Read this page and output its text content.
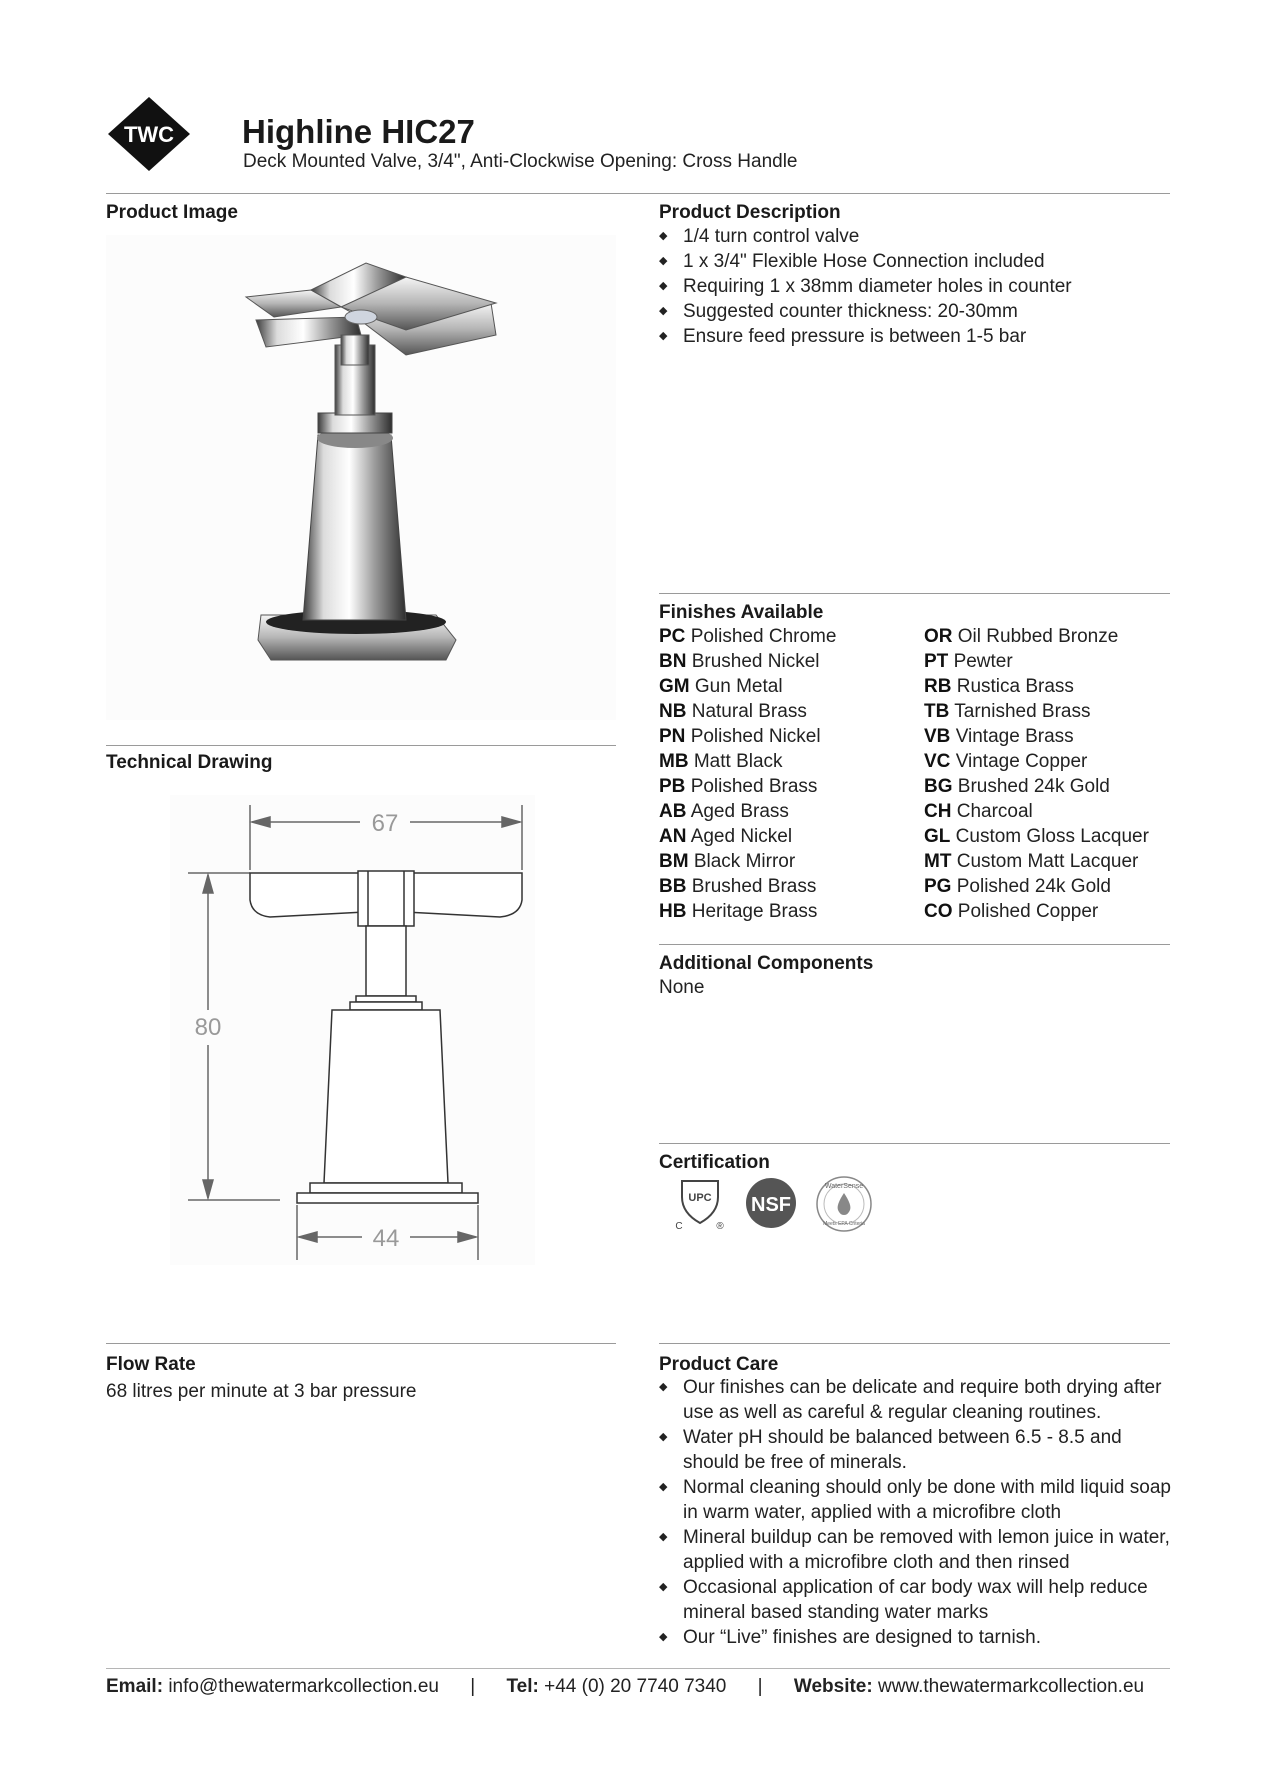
TWC Highline HIC27
Deck Mounted Valve, 3/4", Anti-Clockwise Opening: Cross Handle
Product Image
Technical Drawing
67
80
44
Flow Rate
68 litres per minute at 3 bar pressure
Product Description
◆ 1/4 turn control valve
◆ 1 x 3/4" Flexible Hose Connection included
◆ Requiring 1 x 38mm diameter holes in counter
◆ Suggested counter thickness: 20-30mm
◆ Ensure feed pressure is between 1-5 bar
Finishes Available
PC Polished Chrome
BN Brushed Nickel
GM Gun Metal
NB Natural Brass
PN Polished Nickel
MB Matt Black
PB Polished Brass
AB Aged Brass
AN Aged Nickel
BM Black Mirror
BB Brushed Brass
HB Heritage Brass
OR Oil Rubbed Bronze
PT Pewter
RB Rustica Brass
TB Tarnished Brass
VB Vintage Brass
VC Vintage Copper
BG Brushed 24k Gold
CH Charcoal
GL Custom Gloss Lacquer
MT Custom Matt Lacquer
PG Polished 24k Gold
CO Polished Copper
Additional Components
None
Certification
UPC
C	®
NSF
WaterSense
Meets EPA Criteria
Product Care
◆ Our finishes can be delicate and require both drying after use as well as careful & regular cleaning routines.
◆ Water pH should be balanced between 6.5 - 8.5 and should be free of minerals.
◆ Normal cleaning should only be done with mild liquid soap in warm water, applied with a microfibre cloth
◆ Mineral buildup can be removed with lemon juice in water, applied with a microfibre cloth and then rinsed
◆ Occasional application of car body wax will help reduce mineral based standing water marks
◆ Our “Live” finishes are designed to tarnish.
Email: info@thewatermarkcollection.eu | Tel: +44 (0) 20 7740 7340 | Website: www.thewatermarkcollection.eu
